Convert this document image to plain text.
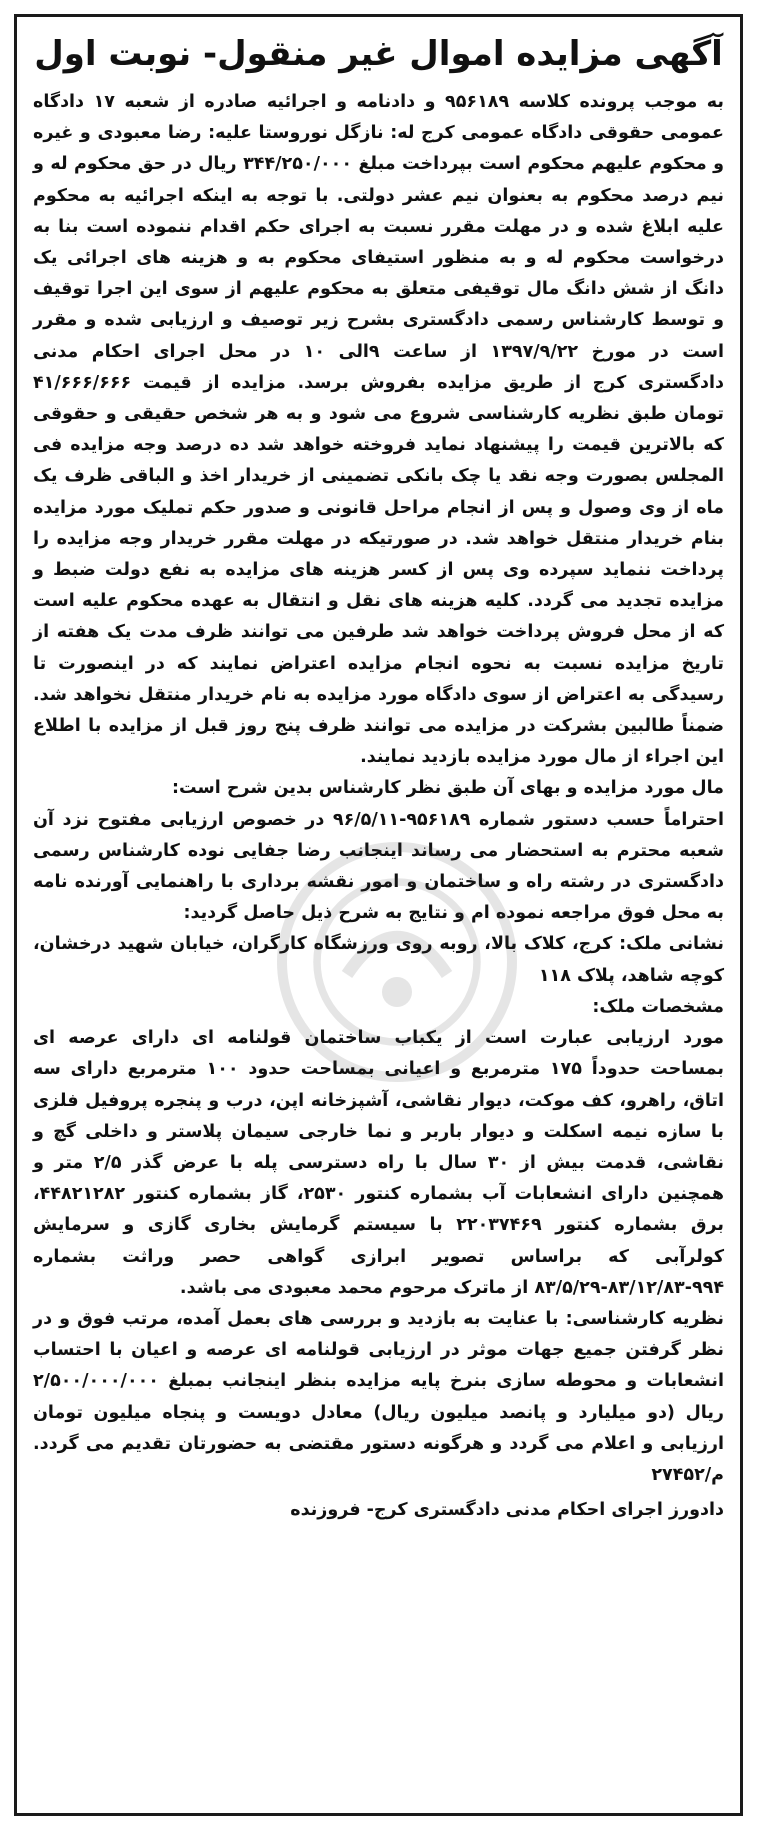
آگهی مزایده اموال غیر منقول- نوبت اول

به موجب پرونده کلاسه ۹۵۶۱۸۹ و دادنامه و اجرائیه صادره از شعبه ۱۷ دادگاه عمومی حقوقی دادگاه عمومی کرج له: نازگل نوروستا علیه: رضا معبودی و غیره و محکوم علیهم محکوم است بپرداخت مبلغ ۳۴۴/۲۵۰/۰۰۰ ریال در حق محکوم له و نیم درصد محکوم به بعنوان نیم عشر دولتی. با توجه به اینکه اجرائیه به محکوم علیه ابلاغ شده و در مهلت مقرر نسبت به اجرای حکم اقدام ننموده است بنا به درخواست محکوم له و به منظور استیفای محکوم به و هزینه های اجرائی یک دانگ از شش دانگ مال توقیفی متعلق به محکوم علیهم از سوی این اجرا توقیف و توسط کارشناس رسمی دادگستری بشرح زیر توصیف و ارزیابی شده و مقرر است در مورخ ۱۳۹۷/۹/۲۲ از ساعت ۹الی ۱۰ در محل اجرای احکام مدنی دادگستری کرج از طریق مزایده بفروش برسد. مزایده از قیمت ۴۱/۶۶۶/۶۶۶ تومان طبق نظریه کارشناسی شروع می شود و به هر شخص حقیقی و حقوقی که بالاترین قیمت را پیشنهاد نماید فروخته خواهد شد ده درصد وجه مزایده فی المجلس بصورت وجه نقد یا چک بانکی تضمینی از خریدار اخذ و الباقی ظرف یک ماه از وی وصول و پس از انجام مراحل قانونی و صدور حکم تملیک مورد مزایده بنام خریدار منتقل خواهد شد. در صورتیکه در مهلت مقرر خریدار وجه مزایده را پرداخت ننماید سپرده وی پس از کسر هزینه های مزایده به نفع دولت ضبط و مزایده تجدید می گردد. کلیه هزینه های نقل و انتقال به عهده محکوم علیه است که از محل فروش پرداخت خواهد شد طرفین می توانند ظرف مدت یک هفته از تاریخ مزایده نسبت به نحوه انجام مزایده اعتراض نمایند که در اینصورت تا رسیدگی به اعتراض از سوی دادگاه مورد مزایده به نام خریدار منتقل نخواهد شد. ضمناً طالبین بشرکت در مزایده می توانند ظرف پنج روز قبل از مزایده با اطلاع این اجراء از مال مورد مزایده بازدید نمایند.

مال مورد مزایده و بهای آن طبق نظر کارشناس بدین شرح است:

احتراماً حسب دستور شماره ۹۵۶۱۸۹-۹۶/۵/۱۱ در خصوص ارزیابی مفتوح نزد آن شعبه محترم به استحضار می رساند اینجانب رضا جفایی نوده کارشناس رسمی دادگستری در رشته راه و ساختمان و امور نقشه برداری با راهنمایی آورنده نامه به محل فوق مراجعه نموده ام و نتایج به شرح ذیل حاصل گردید:

نشانی ملک: کرج، کلاک بالا، روبه روی ورزشگاه کارگران، خیابان شهید درخشان، کوچه شاهد، پلاک ۱۱۸

مشخصات ملک:

مورد ارزیابی عبارت است از یکباب ساختمان قولنامه ای دارای عرصه ای بمساحت حدوداً ۱۷۵ مترمربع و اعیانی بمساحت حدود ۱۰۰ مترمربع دارای سه اتاق، راهرو، کف موکت، دیوار نقاشی، آشپزخانه اپن، درب و پنجره پروفیل فلزی با سازه نیمه اسکلت و دیوار باربر و نما خارجی سیمان پلاستر و داخلی گچ و نقاشی، قدمت بیش از ۳۰ سال با راه دسترسی پله با عرض گذر ۲/۵ متر و همچنین دارای انشعابات آب بشماره کنتور ۲۵۳۰، گاز بشماره کنتور ۴۴۸۲۱۲۸۲، برق بشماره کنتور ۲۲۰۳۷۴۶۹ با سیستم گرمایش بخاری گازی و سرمایش کولرآبی که براساس تصویر ابرازی گواهی حصر وراثت بشماره ۹۹۴-۸۳/۱۲/۸۳-۸۳/۵/۲۹ از ماترک مرحوم محمد معبودی می باشد.

نظریه کارشناسی: با عنایت به بازدید و بررسی های بعمل آمده، مرتب فوق و در نظر گرفتن جمیع جهات موثر در ارزیابی قولنامه ای عرصه و اعیان با احتساب انشعابات و محوطه سازی بنرخ پایه مزایده بنظر اینجانب بمبلغ ۲/۵۰۰/۰۰۰/۰۰۰ ریال (دو میلیارد و پانصد میلیون ریال) معادل دویست و پنجاه میلیون تومان ارزیابی و اعلام می گردد و هرگونه دستور مقتضی به حضورتان تقدیم می گردد. م/۲۷۴۵۲

دادورز اجرای احکام مدنی دادگستری کرج- فروزنده
